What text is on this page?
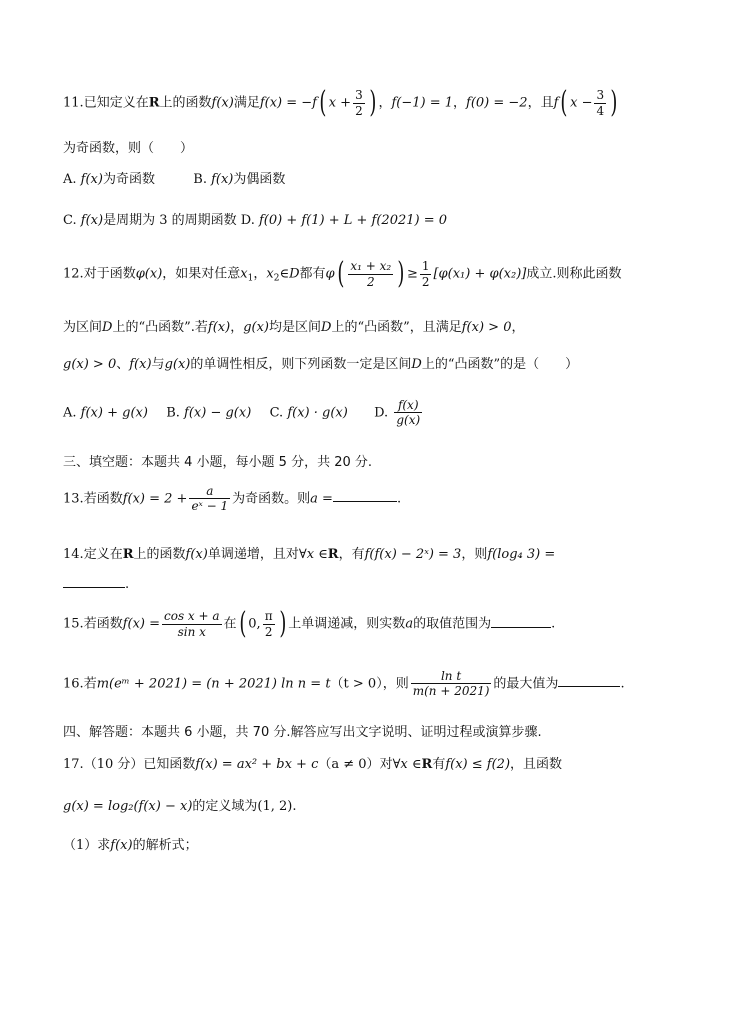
11.已知定义在R上的函数f(x)满足f(x) = −f( $x + \frac{3}{2}$ ) ，f(−1) = 1，f(0) = −2，且f( $x - \frac{3}{4}$ )
为奇函数，则（　　）
A. f(x)为奇函数	B. f(x)为偶函数
C. f(x)是周期为 3 的周期函数 D. f(0) + f(1) + L + f(2021) = 0
12.对于函数φ(x)，如果对任意$x_1$，$x_2\in D$都有$\varphi( \frac{\text{x₁ + x₂}}{2}$ ) ≥ $\frac{1}{2} [\varphi(x_1) + \varphi(x_2)]$成立.则称此函数
为区间D上的“凸函数”.若f(x)，g(x)均是区间D上的“凸函数”，且满足f(x) > 0，
g(x) > 0、f(x)与g(x)的单调性相反，则下列函数一定是区间D上的“凸函数”的是（　　）
A. f(x) + g(x) B. f(x) − g(x) C. f(x) · g(x) D. $\frac{f(x)}{g(x)}$
三、填空题：本题共 4 小题，每小题 5 分，共 20 分.
13.若函数$f(x) = 2 + \frac{a}{\text{eˣ − 1}}$ 为奇函数。则a =	.
14.定义在R上的函数f(x)单调递增，且对∀x ∈R，有f(f(x) − 2ˣ) = 3，则f(log₄ 3) =
.
15.若函数$f(x) = \frac{\text{cos x + a}}{\text{sin x}}$ 在( 0, $\frac{\pi}{2}$ ) 上单调递减，则实数a的取值范围为	.
16.若m(eᵐ + 2021) = (n + 2021) ln n = t（t > 0），则 $\frac{\text{ln t}}{m(n + 2021)}$ 的最大值为	.
四、解答题：本题共 6 小题，共 70 分.解答应写出文字说明、证明过程或演算步骤.
17.（10 分）已知函数f(x) = ax² + bx + c（a ≠ 0）对∀x ∈R有f(x) ≤ f(2)，且函数
g(x) = log₂(f(x) − x)的定义域为(1, 2).
（1）求f(x)的解析式；
